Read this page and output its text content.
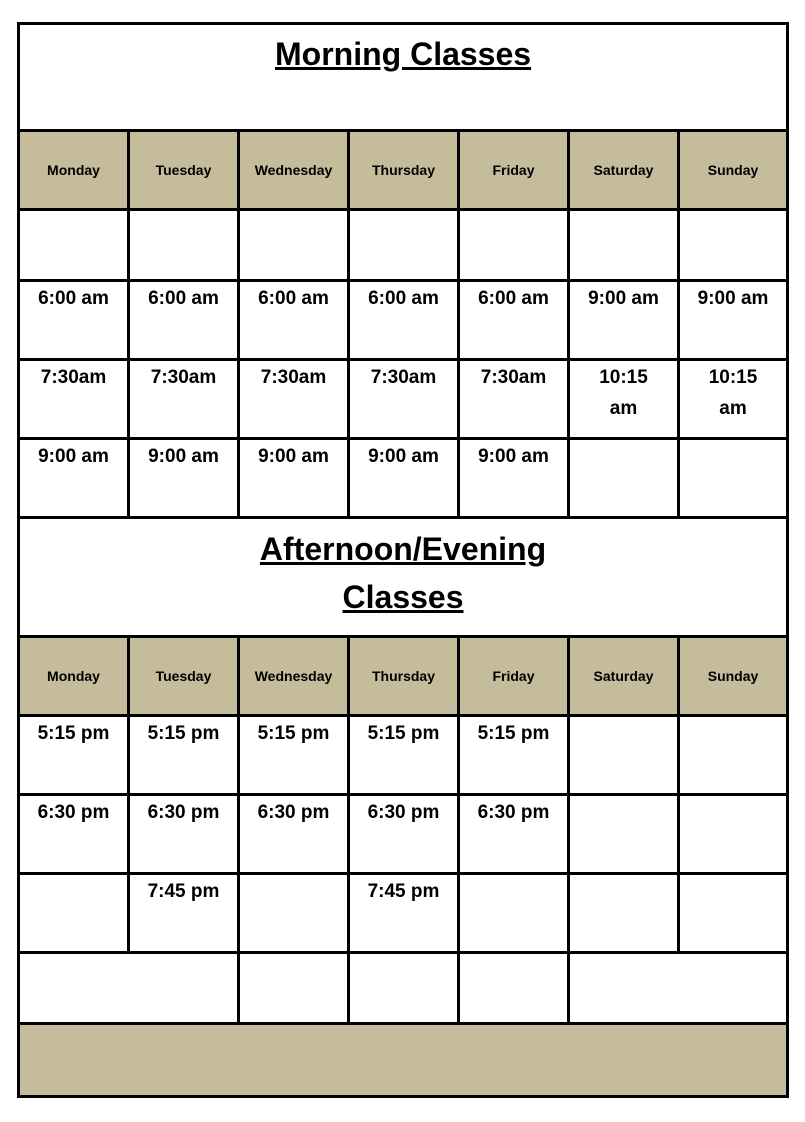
Morning Classes						

Monday	Tuesday	Wednesday	Thursday	Friday	Saturday	Sunday

6:00 am	6:00 am	6:00 am	6:00 am	6:00 am	9:00 am	9:00 am

7:30am	7:30am	7:30am	7:30am	7:30am	10:15 am	10:15 am

9:00 am	9:00 am	9:00 am	9:00 am	9:00 am		

Afternoon/Evening Classes						

Monday	Tuesday	Wednesday	Thursday	Friday	Saturday	Sunday

5:15 pm	5:15 pm	5:15 pm	5:15 pm	5:15 pm		

6:30 pm	6:30 pm	6:30 pm	6:30 pm	6:30 pm		

	7:45 pm		7:45 pm			
